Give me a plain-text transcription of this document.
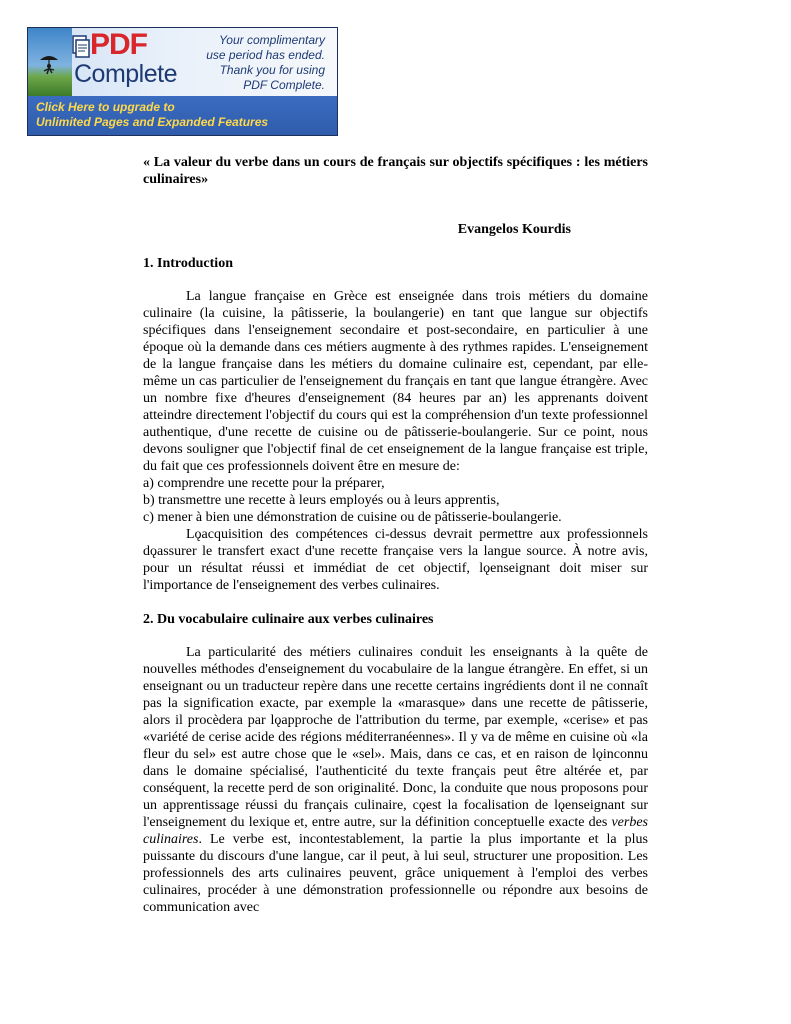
PDF
Complete
Your complimentary
use period has ended.
Thank you for using
PDF Complete.
Click Here to upgrade to
Unlimited Pages and Expanded Features

« La valeur du verbe dans un cours de français sur objectifs spécifiques : les métiers culinaires»

Evangelos Kourdis

1. Introduction

La langue française en Grèce est enseignée dans trois métiers du domaine culinaire (la cuisine, la pâtisserie, la boulangerie) en tant que langue sur objectifs spécifiques dans l'enseignement secondaire et post-secondaire, en particulier à une époque où la demande dans ces métiers augmente à des rythmes rapides. L'enseignement de la langue française dans les métiers du domaine culinaire est, cependant, par elle-même un cas particulier de l'enseignement du français en tant que langue étrangère. Avec un nombre fixe d'heures d'enseignement (84 heures par an) les apprenants doivent atteindre directement l'objectif du cours qui est la compréhension d'un texte professionnel authentique, d'une recette de cuisine ou de pâtisserie-boulangerie. Sur ce point, nous devons souligner que l'objectif final de cet enseignement de la langue française est triple, du fait que ces professionnels doivent être en mesure de:

a) comprendre une recette pour la préparer,

b) transmettre une recette à leurs employés ou à leurs apprentis,

c) mener à bien une démonstration de cuisine ou de pâtisserie-boulangerie.

Lǫacquisition des compétences ci-dessus devrait permettre aux professionnels dǫassurer le transfert exact d'une recette française vers la langue source. À notre avis, pour un résultat réussi et immédiat de cet objectif, lǫenseignant doit miser sur l'importance de l'enseignement des verbes culinaires.

2. Du vocabulaire culinaire aux verbes culinaires

La particularité des métiers culinaires conduit les enseignants à la quête de nouvelles méthodes d'enseignement du vocabulaire de la langue étrangère. En effet, si un enseignant ou un traducteur repère dans une recette certains ingrédients dont il ne connaît pas la signification exacte, par exemple la «marasque» dans une recette de pâtisserie, alors il procèdera par lǫapproche de l'attribution du terme, par exemple, «cerise» et pas «variété de cerise acide des régions méditerranéennes». Il y va de même en cuisine où «la fleur du sel» est autre chose que le «sel». Mais, dans ce cas, et en raison de lǫinconnu dans le domaine spécialisé, l'authenticité du texte français peut être altérée et, par conséquent, la recette perd de son originalité. Donc, la conduite que nous proposons pour un apprentissage réussi du français culinaire, cǫest la focalisation de lǫenseignant sur l'enseignement du lexique et, entre autre, sur la définition conceptuelle exacte des verbes culinaires. Le verbe est, incontestablement, la partie la plus importante et la plus puissante du discours d'une langue, car il peut, à lui seul, structurer une proposition. Les professionnels des arts culinaires peuvent, grâce uniquement à l'emploi des verbes culinaires, procéder à une démonstration professionnelle ou répondre aux besoins de communication avec
